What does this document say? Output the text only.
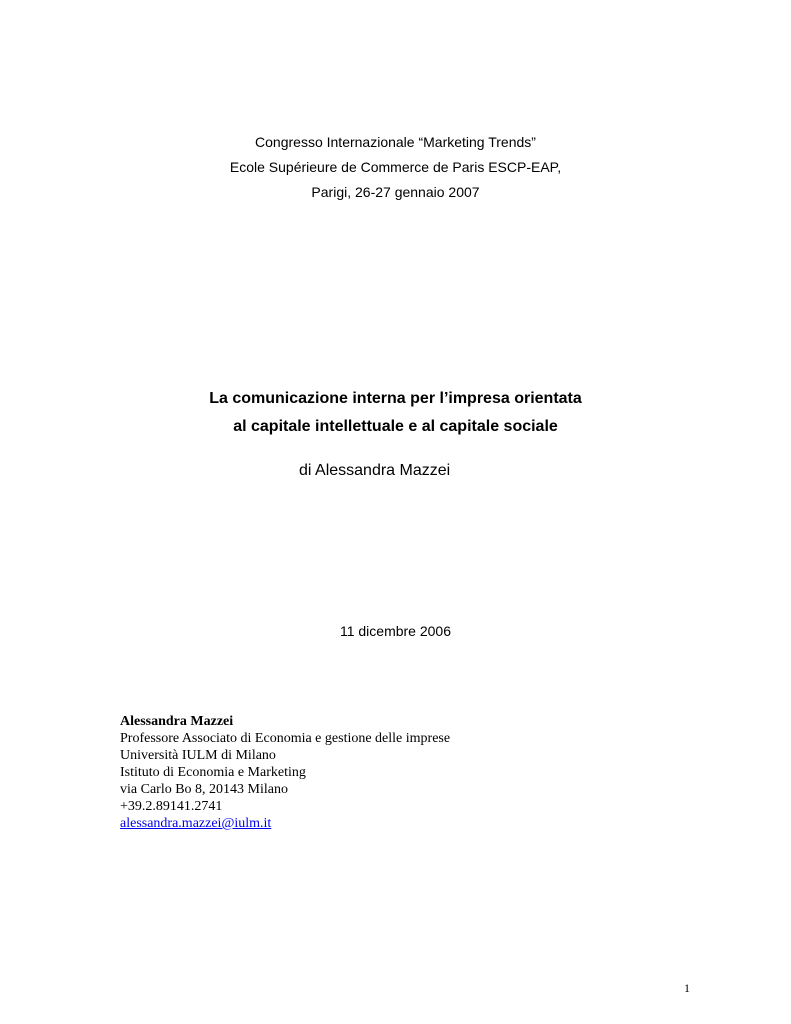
Congresso Internazionale “Marketing Trends”
Ecole Supérieure de Commerce de Paris ESCP-EAP,
Parigi, 26-27 gennaio 2007
La comunicazione interna per l’impresa orientata
al capitale intellettuale e al capitale sociale
di Alessandra Mazzei
11 dicembre 2006
Alessandra Mazzei
Professore Associato di Economia e gestione delle imprese
Università IULM di Milano
Istituto di Economia e Marketing
via Carlo Bo 8, 20143 Milano
+39.2.89141.2741
alessandra.mazzei@iulm.it
1
